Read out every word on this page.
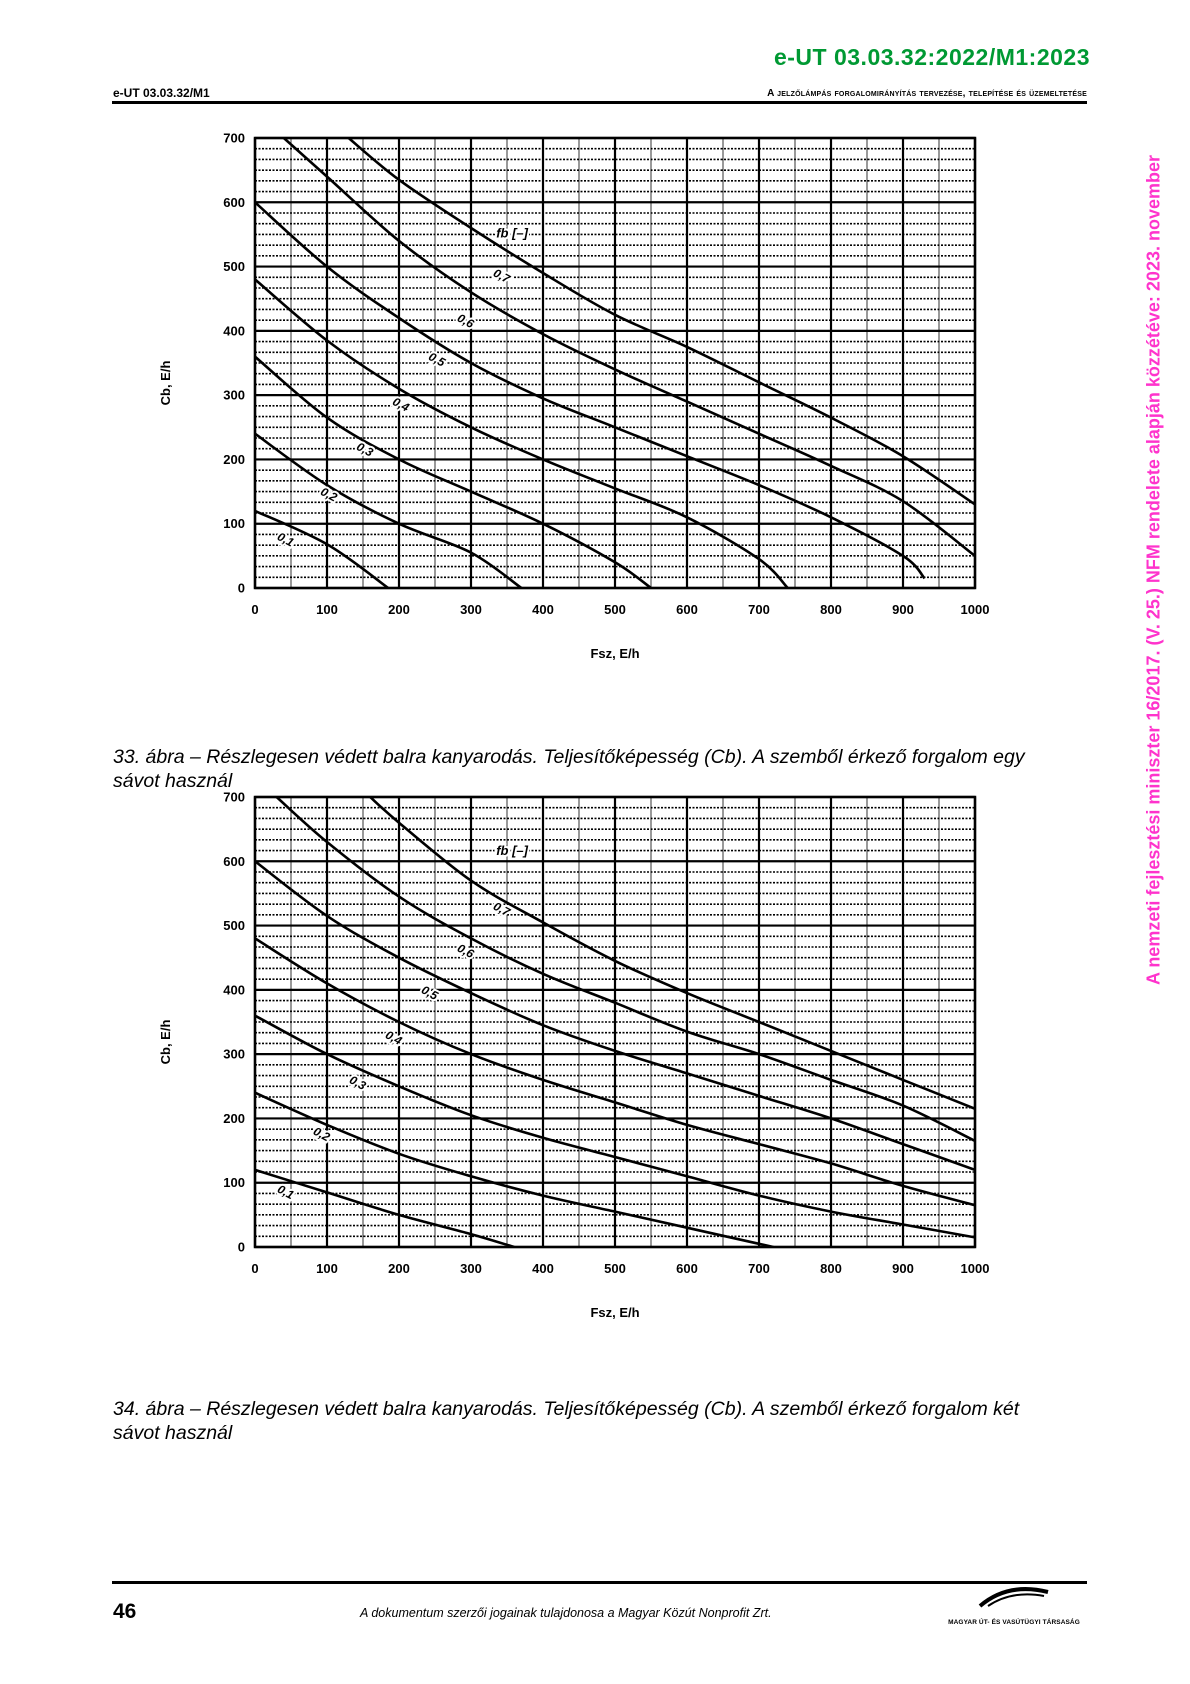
e-UT 03.03.32:2022/M1:2023
e-UT 03.03.32/M1	A jelzőlámpás forgalomirányítás tervezése, telepítése és üzemeltetése
A nemzeti fejlesztési miniszter 16/2017. (V. 25.) NFM rendelete alapján közzétéve: 2023. november
0
100
200
300
400
500
600
700
0	100	200	300	400	500	600	700	800	900	1000
Fsz, E/h
Cb, E/h
0,1
0,2
0,3
0,4
0,5
0,6
0,7
fb [–]
33. ábra – Részlegesen védett balra kanyarodás. Teljesítőképesség (Cb). A szemből érkező forgalom egy sávot használ
0
100
200
300
400
500
600
700
0	100	200	300	400	500	600	700	800	900	1000
Fsz, E/h
Cb, E/h
0,1
0,2
0,3
0,4
0,5
0,6
0,7
fb [–]
34. ábra – Részlegesen védett balra kanyarodás. Teljesítőképesség (Cb). A szemből érkező forgalom két sávot használ
46	A dokumentum szerzői jogainak tulajdonosa a Magyar Közút Nonprofit Zrt.
MAGYAR ÚT- ÉS VASÚTÜGYI TÁRSASÁG
